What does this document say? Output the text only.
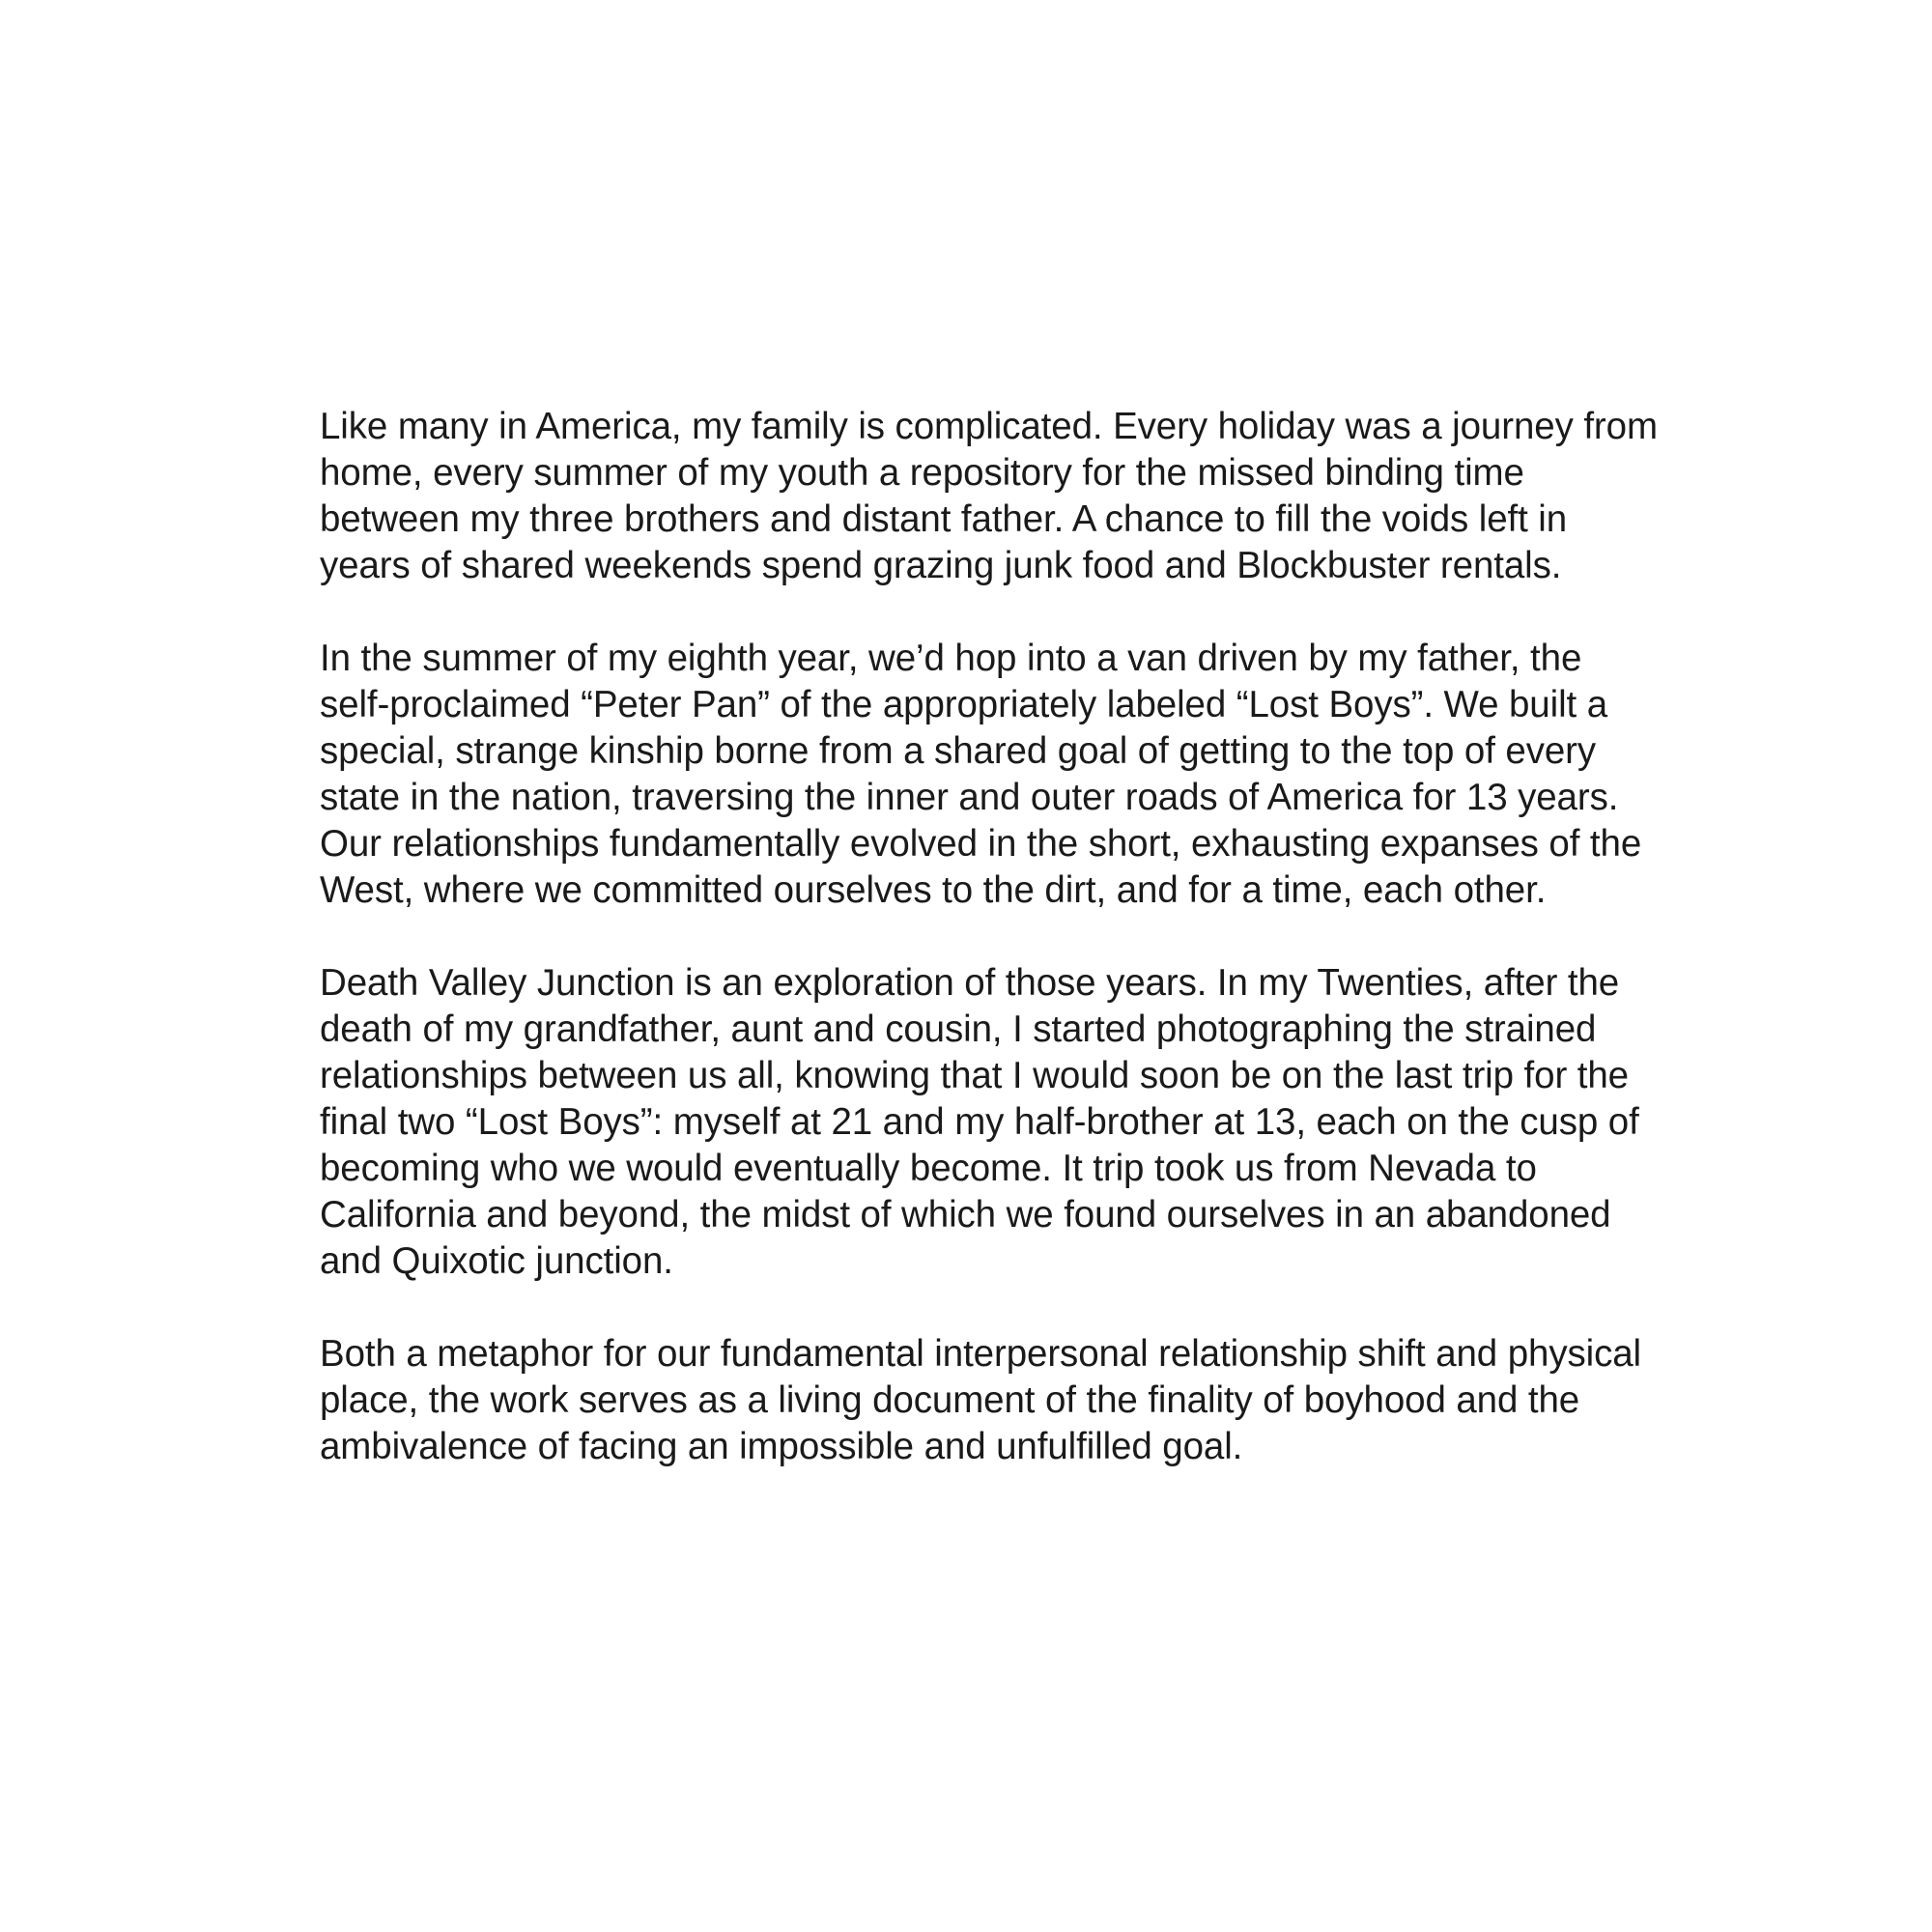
Like many in America, my family is complicated. Every holiday was a journey from
home, every summer of my youth a repository for the missed binding time
between my three brothers and distant father. A chance to fill the voids left in
years of shared weekends spend grazing junk food and Blockbuster rentals.
In the summer of my eighth year, we’d hop into a van driven by my father, the
self-proclaimed “Peter Pan” of the appropriately labeled “Lost Boys”. We built a
special, strange kinship borne from a shared goal of getting to the top of every
state in the nation, traversing the inner and outer roads of America for 13 years.
Our relationships fundamentally evolved in the short, exhausting expanses of the
West, where we committed ourselves to the dirt, and for a time, each other.
Death Valley Junction is an exploration of those years. In my Twenties, after the
death of my grandfather, aunt and cousin, I started photographing the strained
relationships between us all, knowing that I would soon be on the last trip for the
final two “Lost Boys”: myself at 21 and my half-brother at 13, each on the cusp of
becoming who we would eventually become. It trip took us from Nevada to
California and beyond, the midst of which we found ourselves in an abandoned
and Quixotic junction.
Both a metaphor for our fundamental interpersonal relationship shift and physical
place, the work serves as a living document of the finality of boyhood and the
ambivalence of facing an impossible and unfulfilled goal.
